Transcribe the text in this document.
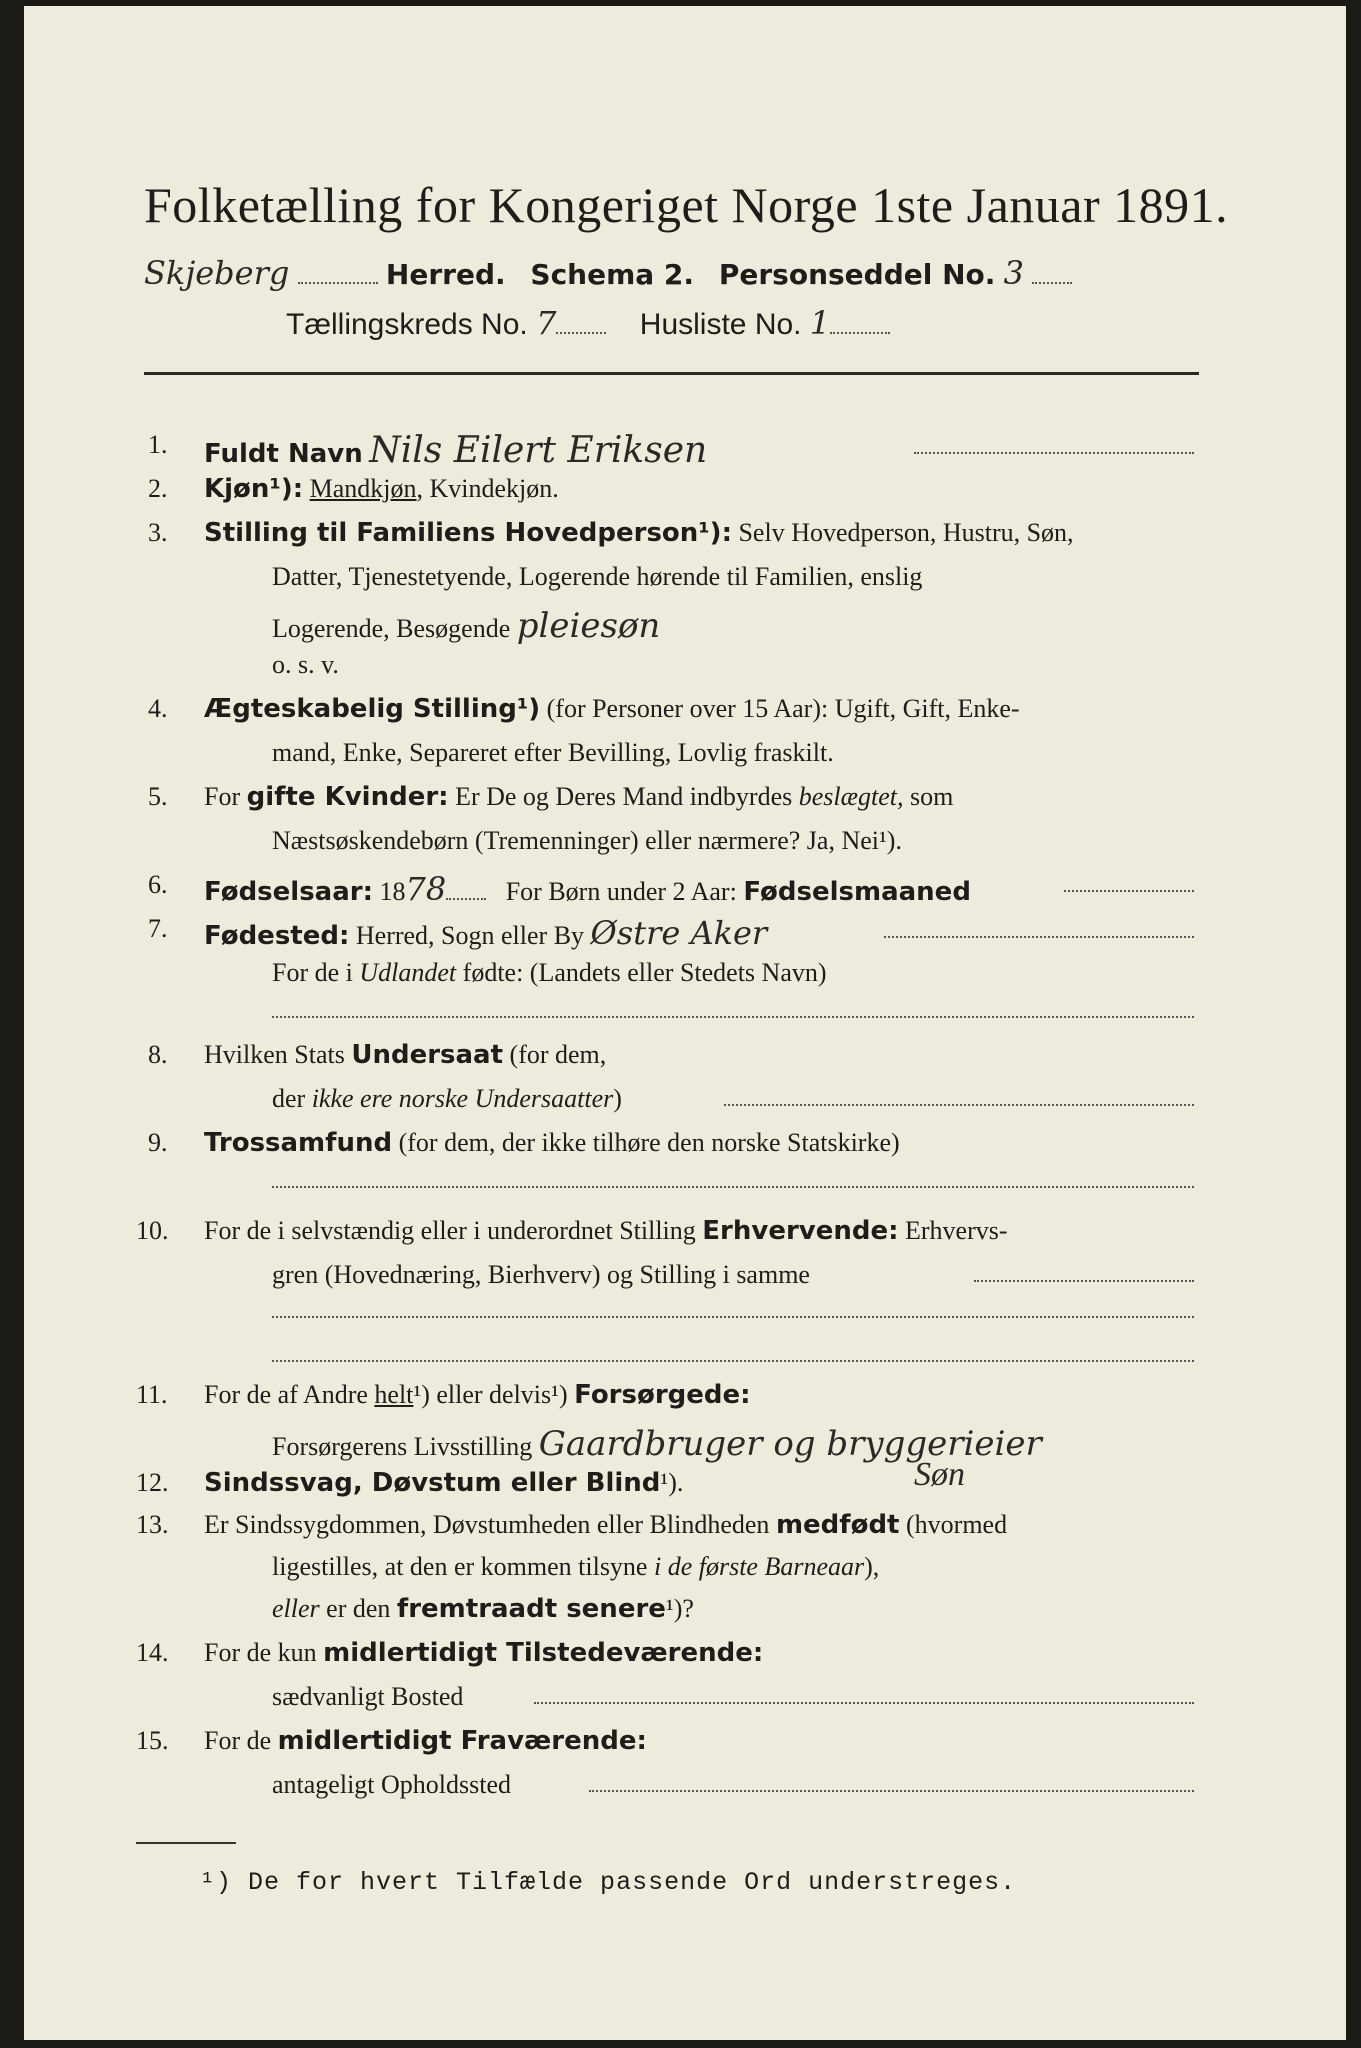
Folketælling for Kongeriget Norge 1ste Januar 1891.
Skjeberg	Herred. Schema 2. Personseddel No. 3
Tællingskreds No. 7	Husliste No. 1
1. Fuldt Navn Nils Eilert Eriksen
2. Kjøn¹): Mandkjøn, Kvindekjøn.
3. Stilling til Familiens Hovedperson¹): Selv Hovedperson, Hustru, Søn,
Datter, Tjenestetyende, Logerende hørende til Familien, enslig
Logerende, Besøgende pleiesøn
o. s. v.
4. Ægteskabelig Stilling¹) (for Personer over 15 Aar): Ugift, Gift, Enke-
mand, Enke, Separeret efter Bevilling, Lovlig fraskilt.
5. For gifte Kvinder: Er De og Deres Mand indbyrdes beslægtet, som
Næstsøskendebørn (Tremenninger) eller nærmere? Ja, Nei¹).
6. Fødselsaar: 1878 For Børn under 2 Aar: Fødselsmaaned
7. Fødested: Herred, Sogn eller By Østre Aker
For de i Udlandet fødte: (Landets eller Stedets Navn)
8. Hvilken Stats Undersaat (for dem,
der ikke ere norske Undersaatter)
9. Trossamfund (for dem, der ikke tilhøre den norske Statskirke)
10. For de i selvstændig eller i underordnet Stilling Erhvervende: Erhvervs-
gren (Hovednæring, Bierhverv) og Stilling i samme
11. For de af Andre helt¹) eller delvis¹) Forsørgede:
Forsørgerens Livsstilling Gaardbruger og bryggerieier
12. Sindssvag, Døvstum eller Blind¹).	Søn
13. Er Sindssygdommen, Døvstumheden eller Blindheden medfødt (hvormed
ligestilles, at den er kommen tilsyne i de første Barneaar),
eller er den fremtraadt senere¹)?
14. For de kun midlertidigt Tilstedeværende:
sædvanligt Bosted
15. For de midlertidigt Fraværende:
antageligt Opholdssted
¹) De for hvert Tilfælde passende Ord understreges.
